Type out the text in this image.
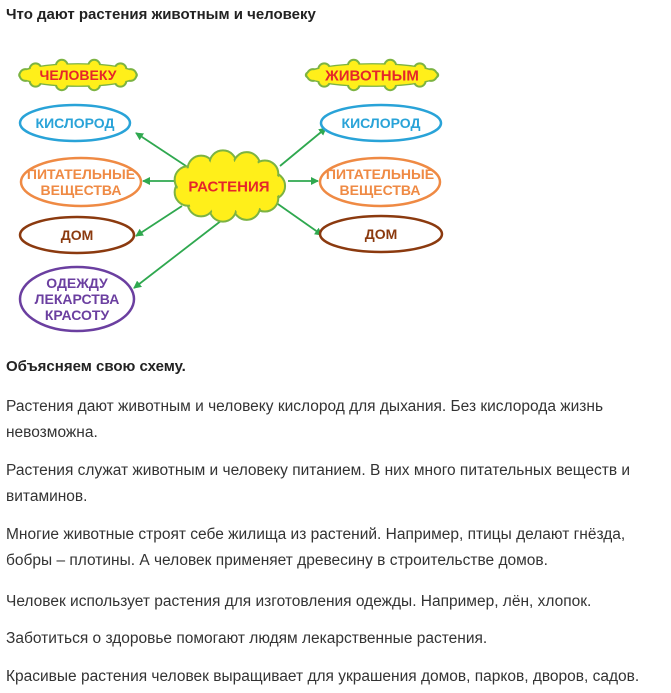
Что дают растения животным и человеку
КИСЛОРОД
ПИТАТЕЛЬНЫЕ
ВЕЩЕСТВА
ДОМ
ОДЕЖДУ
ЛЕКАРСТВА
КРАСОТУ
КИСЛОРОД
ПИТАТЕЛЬНЫЕ
ВЕЩЕСТВА
ДОМ
ЧЕЛОВЕКУ	ЖИВОТНЫМ
РАСТЕНИЯ
Объясняем свою схему.

Растения дают животным и человеку кислород для дыхания. Без кислорода жизнь невозможна.

Растения служат животным и человеку питанием. В них много питательных веществ и витаминов.

Многие животные строят себе жилища из растений. Например, птицы делают гнёзда, бобры – плотины. А человек применяет древесину в строительстве домов.

Человек использует растения для изготовления одежды. Например, лён, хлопок.

Заботиться о здоровье помогают людям лекарственные растения.

Красивые растения человек выращивает для украшения домов, парков, дворов, садов.
